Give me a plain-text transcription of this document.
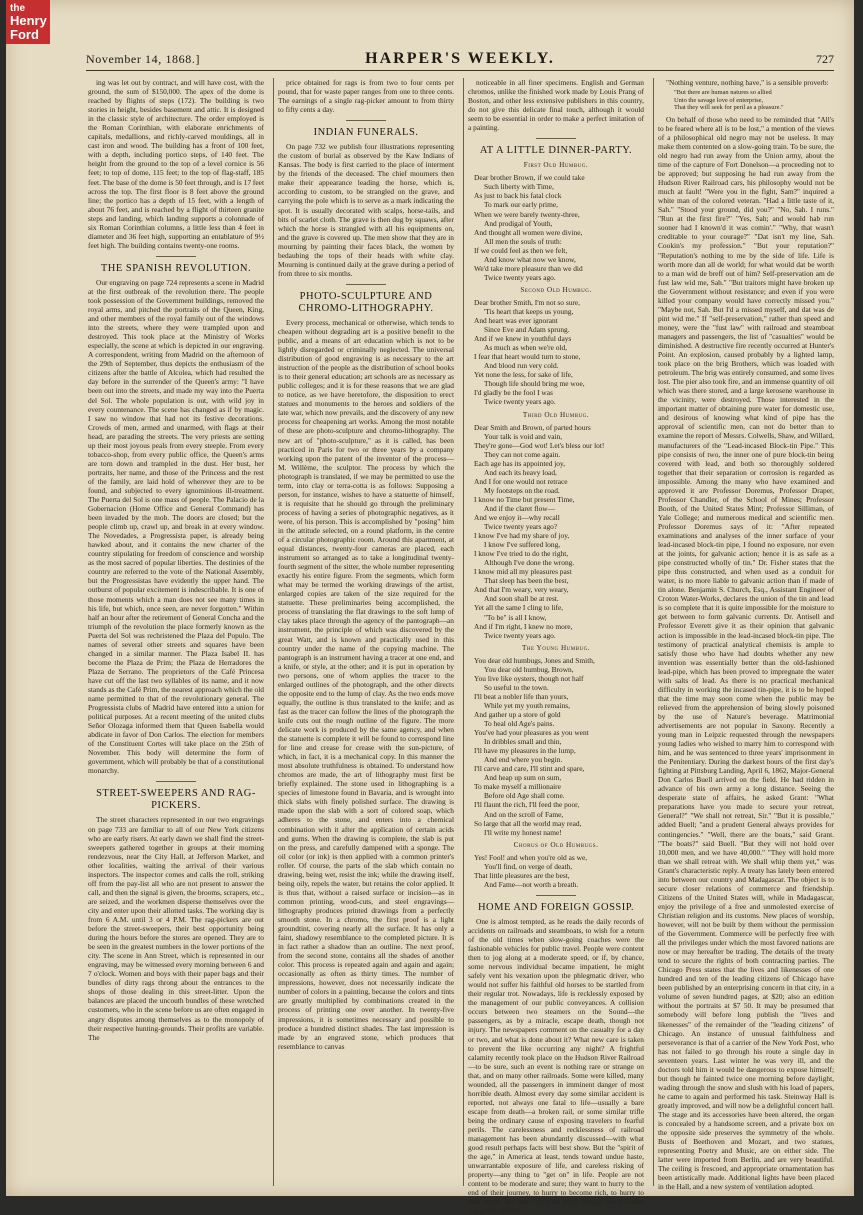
the
Henry
Ford
November 14, 1868.]	HARPER'S WEEKLY.	727

ing was let out by contract, and will have cost, with the ground, the sum of $150,000. The apex of the dome is reached by flights of steps (172). The building is two stories in height, besides basement and attic. It is designed in the classic style of architecture. The order employed is the Roman Corinthian, with elaborate enrichments of capitals, medallions, and richly-carved mouldings, all in cast iron and wood. The building has a front of 100 feet, with a depth, including portico steps, of 140 feet. The height from the ground to the top of a level cornice is 56 feet; to top of dome, 115 feet; to the top of flag-staff, 185 feet. The base of the dome is 50 feet through, and is 17 feet across the top. The first floor is 8 feet above the ground line; the portico has a depth of 15 feet, with a length of about 76 feet, and is reached by a flight of thirteen granite steps and landing, which landing supports a colonnade of six Roman Corinthian columns, a little less than 4 feet in diameter and 36 feet high, supporting an entablature of 9½ feet high. The building contains twenty-one rooms.

THE SPANISH REVOLUTION.

Our engraving on page 724 represents a scene in Madrid at the first outbreak of the revolution there. The people took possession of the Government buildings, removed the royal arms, and pitched the portraits of the Queen, King, and other members of the royal family out of the windows into the streets, where they were trampled upon and destroyed. This took place at the Ministry of Works especially, the scene at which is depicted in our engraving. A correspondent, writing from Madrid on the afternoon of the 29th of September, thus depicts the enthusiasm of the citizens after the battle of Alcolea, which had resulted the day before in the surrender of the Queen's army: "I have been out into the streets, and made my way into the Puerta del Sol. The whole population is out, with wild joy in every countenance. The scene has changed as if by magic. I saw no window that had not its festive decorations. Crowds of men, armed and unarmed, with flags at their head, are parading the streets. The very priests are setting up their most joyous peals from every steeple. From every tobacco-shop, from every public office, the Queen's arms are torn down and trampled in the dust. Her bust, her portraits, her name, and those of the Princess and the rest of the family, are laid hold of wherever they are to be found, and subjected to every ignominious ill-treatment. The Puerta del Sol is one mass of people. The Palacio de la Gobernacion (Home Office and General Command) has been invaded by the mob. The doors are closed; but the people climb up, crawl up, and break in at every window. The Novedades, a Progressista paper, is already being hawked about, and it contains the new charter of the country stipulating for freedom of conscience and worship as the most sacred of popular liberties. The destinies of the country are referred to the vote of the National Assembly, but the Progressistas have evidently the upper hand. The outburst of popular excitement is indescribable. It is one of those moments which a man does not see many times in his life, but which, once seen, are never forgotten." Within half an hour after the retirement of General Concha and the triumph of the revolution the place formerly known as the Puerta del Sol was rechristened the Plaza del Populo. The names of several other streets and squares have been changed in a similar manner. The Plaza Isabel II. has become the Plaza de Prim; the Plaza de Herradores the Plaza de Serrano. The proprietors of the Café Princesa have cut off the last two syllables of its name, and it now stands as the Café Prim, the nearest approach which the old name permitted to that of the revolutionary general. The Progressista clubs of Madrid have entered into a union for political purposes. At a recent meeting of the united clubs Señor Olozaga informed them that Queen Isabella would abdicate in favor of Don Carlos. The election for members of the Constituent Cortes will take place on the 25th of November. This body will determine the form of government, which will probably be that of a constitutional monarchy.

STREET-SWEEPERS AND RAG-PICKERS.

The street characters represented in our two engravings on page 733 are familiar to all of our New York citizens who are early risers. At early dawn we shall find the street-sweepers gathered together in groups at their morning rendezvous, near the City Hall, at Jefferson Market, and other localities, waiting the arrival of their various inspectors. The inspector comes and calls the roll, striking off from the pay-list all who are not present to answer the call, and then the signal is given, the brooms, scrapers, etc., are seized, and the workmen disperse themselves over the city and enter upon their allotted tasks. The working day is from 6 A.M. until 3 or 4 P.M. The rag-pickers are out before the street-sweepers, their best opportunity being during the hours before the stores are opened. They are to be seen in the greatest numbers in the lower portions of the city. The scene in Ann Street, which is represented in our engraving, may be witnessed every morning between 6 and 7 o'clock. Women and boys with their paper bags and their bundles of dirty rags throng about the entrances to the shops of those dealing in this street-litter. Upon the balances are placed the uncouth bundles of these wretched customers, who in the scene before us are often engaged in angry disputes among themselves as to the monopoly of their respective hunting-grounds. Their profits are variable. The

price obtained for rags is from two to four cents per pound, that for waste paper ranges from one to three cents. The earnings of a single rag-picker amount to from thirty to fifty cents a day.

INDIAN FUNERALS.

On page 732 we publish four illustrations representing the custom of burial as observed by the Kaw Indians of Kansas. The body is first carried to the place of interment by the friends of the deceased. The chief mourners then make their appearance leading the horse, which is, according to custom, to be strangled on the grave, and carrying the pole which is to serve as a mark indicating the spot. It is usually decorated with scalps, horse-tails, and bits of scarlet cloth. The grave is then dug by squaws, after which the horse is strangled with all his equipments on, and the grave is covered up. The men show that they are in mourning by painting their faces black, the women by bedaubing the tops of their heads with white clay. Mourning is continued daily at the grave during a period of from three to six months.

PHOTO-SCULPTURE AND CHROMO-LITHOGRAPHY.

Every process, mechanical or otherwise, which tends to cheapen without degrading art is a positive benefit to the public, and a means of art education which is not to be lightly disregarded or criminally neglected. The universal distribution of good engraving is as necessary to the art instruction of the people as the distribution of school books is to their general education; art schools are as necessary as public colleges; and it is for these reasons that we are glad to notice, as we have heretofore, the disposition to erect statues and monuments to the heroes and soldiers of the late war, which now prevails, and the discovery of any new process for cheapening art works. Among the most notable of these are photo-sculpture and chromo-lithography. The new art of "photo-sculpture," as it is called, has been practiced in Paris for two or three years by a company working upon the patent of the inventor of the process—M. Willème, the sculptor. The process by which the photograph is translated, if we may be permitted to use the term, into clay or terra-cotta is as follows: Supposing a person, for instance, wishes to have a statuette of himself, it is requisite that he should go through the preliminary process of having a series of photographic negatives, as it were, of his person. This is accomplished by "posing" him in the attitude selected, on a round platform, in the centre of a circular photographic room. Around this apartment, at equal distances, twenty-four cameras are placed, each instrument so arranged as to take a longitudinal twenty-fourth segment of the sitter, the whole number representing exactly his entire figure. From the segments, which form what may be termed the working drawings of the artist, enlarged copies are taken of the size required for the statuette. These preliminaries being accomplished, the process of translating the flat drawings to the soft lump of clay takes place through the agency of the pantograph—an instrument, the principle of which was discovered by the great Watt, and is known and practically used in this country under the name of the copying machine. The pantograph is an instrument having a tracer at one end, and a knife, or style, at the other; and it is put in operation by two persons, one of whom applies the tracer to the enlarged outlines of the photograph, and the other directs the opposite end to the lump of clay. As the two ends move equally, the outline is thus translated to the knife; and as fast as the tracer can follow the lines of the photograph the knife cuts out the rough outline of the figure. The more delicate work is produced by the same agency, and when the statuette is complete it will be found to correspond line for line and crease for crease with the sun-picture, of which, in fact, it is a mechanical copy. In this manner the most absolute truthfulness is obtained. To understand how chromos are made, the art of lithography must first be briefly explained. The stone used in lithographing is a species of limestone found in Bavaria, and is wrought into thick slabs with finely polished surface. The drawing is made upon the slab with a sort of colored soap, which adheres to the stone, and enters into a chemical combination with it after the application of certain acids and gums. When the drawing is complete, the slab is put on the press, and carefully dampened with a sponge. The oil color (or ink) is then applied with a common printer's roller. Of course, the parts of the slab which contain no drawing, being wet, resist the ink; while the drawing itself, being oily, repels the water, but retains the color applied. It is thus that, without a raised surface or incision—as in common printing, wood-cuts, and steel engravings—lithography produces printed drawings from a perfectly smooth stone. In a chromo, the first proof is a light groundtint, covering nearly all the surface. It has only a faint, shadowy resemblance to the completed picture. It is in fact rather a shadow than an outline. The next proof, from the second stone, contains all the shades of another color. This process is repeated again and again and again; occasionally as often as thirty times. The number of impressions, however, does not necessarily indicate the number of colors in a painting, because the colors and tints are greatly multiplied by combinations created in the process of printing one over another. In twenty-five impressions, it is sometimes necessary and possible to produce a hundred distinct shades. The last impression is made by an engraved stone, which produces that resemblance to canvas

noticeable in all finer specimens. English and German chromos, unlike the finished work made by Louis Prang of Boston, and other less extensive publishers in this country, do not give this delicate final touch, although it would seem to be essential in order to make a perfect imitation of a painting.

AT A LITTLE DINNER-PARTY.
First Old Humbug.
Dear brother Brown, if we could take
Such liberty with Time,
As just to back his fatal clock
To mark our early prime,
When we were barely twenty-three,
And prodigal of Youth,
And thought all women were divine,
All men the souls of truth:
If we could feel as then we felt,
And know what now we know,
We'd take more pleasure than we did
Twice twenty years ago.
Second Old Humbug.
Dear brother Smith, I'm not so sure,
'Tis heart that keeps us young,
And heart was ever ignorant
Since Eve and Adam sprung.
And if we knew in youthful days
As much as when we're old,
I fear that heart would turn to stone,
And blood run very cold.
Yet none the less, for sake of life,
Though life should bring me woe,
I'd gladly be the fool I was
Twice twenty years ago.
Third Old Humbug.
Dear Smith and Brown, of parted hours
Your talk is void and vain,
They're gone—God wot! Let's bless our lot!
They can not come again.
Each age has its appointed joy,
And each its heavy load,
And I for one would not retrace
My footsteps on the road.
I know no Time but present Time,
And if the claret flow—
And we enjoy it—why recall
Twice twenty years ago?
I know I've had my share of joy,
I know I've suffered long,
I know I've tried to do the right,
Although I've done the wrong.
I know mid all my pleasures past
That sleep has been the best,
And that I'm weary, very weary,
And soon shall be at rest.
Yet all the same I cling to life,
"To be" is all I know,
And if I'm right, I knew no more,
Twice twenty years ago.
The Young Humbug.
You dear old humbugs, Jones and Smith,
You dear old humbug, Brown,
You live like oysters, though not half
So useful to the town.
I'll beat a nobler life than yours,
While yet my youth remains,
And gather up a store of gold
To heal old Age's pains.
You've had your pleasures as you went
In dribbles small and thin,
I'll have my pleasures in the lump,
And end where you begin.
I'll carve and care, I'll stint and spare,
And heap up sum on sum,
To make myself a millionaire
Before old Age shall come.
I'll flaunt the rich, I'll feed the poor,
And on the scroll of Fame,
So large that all the world may read,
I'll write my honest name!
Chorus of Old Humbugs.
Yes! Fool! and when you're old as we,
You'll find, on verge of death,
That little pleasures are the best,
And Fame—not worth a breath.
HOME AND FOREIGN GOSSIP.

One is almost tempted, as he reads the daily records of accidents on railroads and steamboats, to wish for a return of the old times when slow-going coaches were the fashionable vehicles for public travel. People were content then to jog along at a moderate speed, or if, by chance, some nervous individual became impatient, he might safely vent his vexation upon the phlegmatic driver, who would not suffer his faithful old horses to be startled from their regular trot. Nowadays, life is recklessly exposed by the management of our public conveyances. A collision occurs between two steamers on the Sound—the passengers, as by a miracle, escape death, though not injury. The newspapers comment on the casualty for a day or two, and what is done about it? What new care is taken to prevent the like occurring any night? A frightful calamity recently took place on the Hudson River Railroad—to be sure, such an event is nothing rare or strange on that, and on many other railroads. Some were killed, many wounded, all the passengers in imminent danger of most horrible death. Almost every day some similar accident is reported, not always one fatal to life—usually a bare escape from death—a broken rail, or some similar trifle being the ordinary cause of exposing travelers to fearful perils. The carelessness and recklessness of railroad management has been abundantly discussed—with what good result perhaps facts will best show. But the "spirit of the age," in America at least, tends toward undue haste, unwarrantable exposure of life, and careless risking of property—any thing to "get on" in life. People are not content to be moderate and sure; they want to hurry to the end of their journey, to hurry to become rich, to hurry to gain repute, and thus they soon hurry through life. Courage is a grand quality;

"Nothing venture, nothing have," is a sensible proverb:

"But there are human natures so allied
Unto the savage love of enterprise,
That they will seek for peril as a pleasure."

On behalf of those who need to be reminded that "All's to be feared where all is to be lost," a mention of the views of a philosophical old negro may not be useless. It may make them contented on a slow-going train. To be sure, the old negro had run away from the Union army, about the time of the capture of Fort Donelson—a proceeding not to be approved; but supposing he had run away from the Hudson River Railroad cars, his philosophy would not be much at fault! "Were you in the fight, Sam?" inquired a white man of the colored veteran. "Had a little taste of it, Sah." "Stood your ground, did you?" "No, Sah. I runs." "Run at the first fire?" "Yes, Sah; and would hab run sooner had I known'd it was comin'." "Why, that wasn't creditable to your courage?" "Dat isn't my line, Sah. Cookin's my profession." "But your reputation?" "Reputation's nothing to me by the side of life. Life is worth more dan all de world; for what would dat be worth to a man wid de breff out of him? Self-preservation am de fust law wid me, Sah." "But traitors might have broken up the Government without resistance; and even if you were killed your company would have correctly missed you." "Maybe not, Sah. But I'd a missed myself, and dat was de pint wid me." If "self-preservation," rather than speed and money, were the "fust law" with railroad and steamboat managers and passengers, the list of "casualties" would be diminished. A destructive fire recently occurred at Hunter's Point. An explosion, caused probably by a lighted lamp, took place on the brig Brothers, which was loaded with petroleum. The brig was entirely consumed, and some lives lost. The pier also took fire, and an immense quantity of oil which was there stored, and a large kerosene warehouse in the vicinity, were destroyed. Those interested in the important matter of obtaining pure water for domestic use, and desirous of knowing what kind of pipe has the approval of scientific men, can not do better than to examine the report of Messrs. Colwells, Shaw, and Willard, manufacturers of the "Lead-incased Block-tin Pipe." This pipe consists of two, the inner one of pure block-tin being covered with lead, and both so thoroughly soldered together that their separation or corrosion is regarded as impossible. Among the many who have examined and approved it are Professor Doremus, Professor Draper, Professor Chandler, of the School of Mines; Professor Booth, of the United States Mint; Professor Silliman, of Yale College; and numerous medical and scientific men. Professor Doremus says of it: "After repeated examinations and analyses of the inner surface of your lead-incased block-tin pipe, I found no exposure, nor even at the joints, for galvanic action; hence it is as safe as a pipe constructed wholly of tin." Dr. Fisher states that the pipe thus constructed, and when used as a conduit for water, is no more liable to galvanic action than if made of tin alone. Benjamin S. Church, Esq., Assistant Engineer of Croton Water-Works, declares the union of the tin and lead is so complete that it is quite impossible for the moisture to get between to form galvanic currents. Dr. Antisell and Professor Everett give it as their opinion that galvanic action is impossible in the lead-incased block-tin pipe. The testimony of practical analytical chemists is ample to satisfy those who have had doubts whether any new invention was essentially better than the old-fashioned lead-pipe, which has been proved to impregnate the water with salts of lead. As there is no practical mechanical difficulty in working the incased tin-pipe, it is to be hoped that the time may soon come when the public may be relieved from the apprehension of being slowly poisoned by the use of Nature's beverage. Matrimonial advertisements are not popular in Saxony. Recently a young man in Leipzic requested through the newspapers young ladies who wished to marry him to correspond with him, and he was sentenced to three years' imprisonment in the Penitentiary. During the darkest hours of the first day's fighting at Pittsburg Landing, April 6, 1862, Major-General Don Carlos Buell arrived on the field. He had ridden in advance of his own army a long distance. Seeing the desperate state of affairs, he asked Grant: "What preparations have you made to secure your retreat, General?" "We shall not retreat, Sir." "But it is possible," added Buell; "and a prudent General always provides for contingencies." "Well, there are the boats," said Grant. "The boats?" said Buell. "But they will not hold over 10,000 men, and we have 40,000." "They will hold more than we shall retreat with. We shall whip them yet," was Grant's characteristic reply. A treaty has lately been entered into between our country and Madagascar. The object is to secure closer relations of commerce and friendship. Citizens of the United States will, while in Madagascar, enjoy the privilege of a free and unmolested exercise of Christian religion and its customs. New places of worship, however, will not be built by them without the permission of the Government. Commerce will be perfectly free with all the privileges under which the most favored nations are now or may hereafter be trading. The details of the treaty tend to secure the rights of both contracting parties. The Chicago Press states that the lives and likenesses of one hundred and ten of the leading citizens of Chicago have been published by an enterprising concern in that city, in a volume of seven hundred pages, at $20; also an edition without the portraits at $7 50. It may be presumed that somebody will before long publish the "lives and likenesses" of the remainder of the "leading citizens" of Chicago. An instance of unusual faithfulness and perseverance is that of a carrier of the New York Post, who has not failed to go through his route a single day in seventeen years. Last winter he was very ill, and the doctors told him it would be dangerous to expose himself; but though he fainted twice one morning before daylight, wading through the snow and slush with his load of papers, he came to again and performed his task. Steinway Hall is greatly improved, and will now be a delightful concert hall. The stage and its accessories have been altered, the organ is concealed by a handsome screen, and a private box on the opposite side preserves the symmetry of the whole. Busts of Beethoven and Mozart, and two statues, representing Poetry and Music, are on either side. The latter were imported from Berlin, and are very beautiful. The ceiling is frescoed, and appropriate ornamentation has been artistically made. Additional lights have been placed in the Hall, and a new system of ventilation adopted.
